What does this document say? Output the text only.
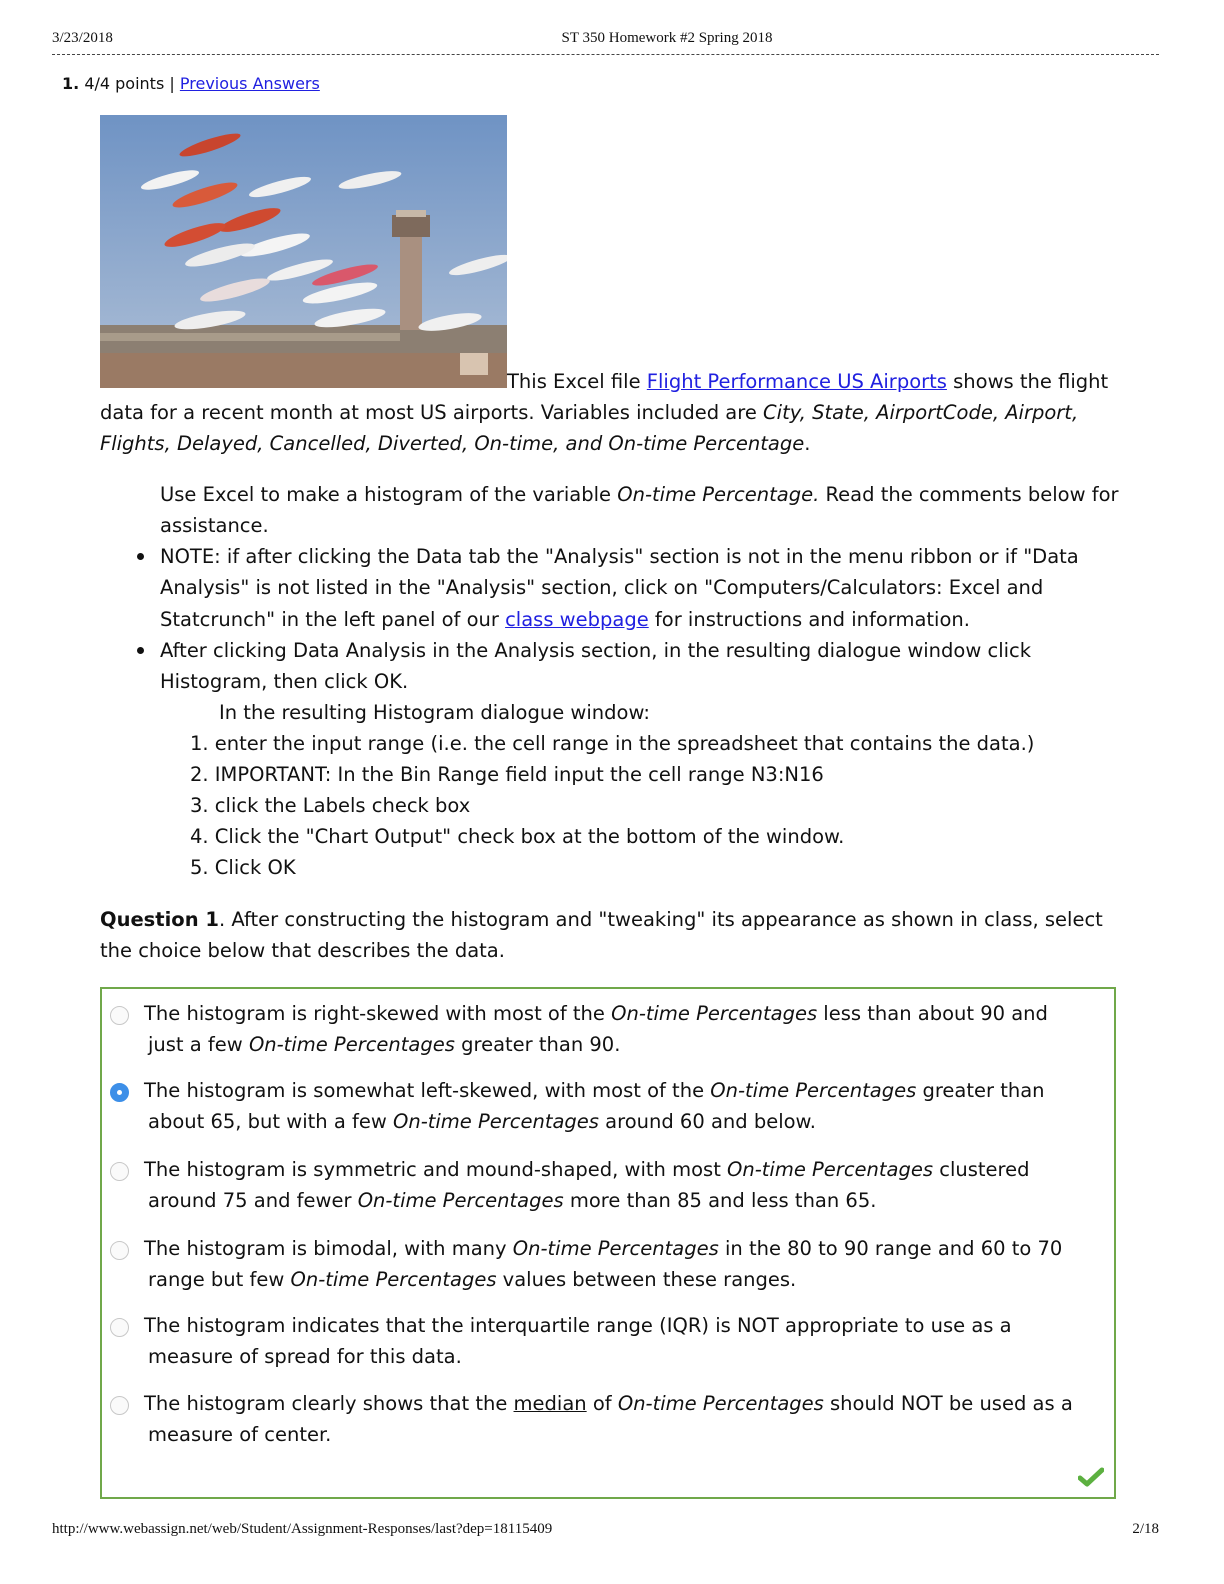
3/23/2018	ST 350 Homework #2 Spring 2018
1. 4/4 points | Previous Answers
This Excel file Flight Performance US Airports shows the flight data for a recent month at most US airports. Variables included are City, State, AirportCode, Airport, Flights, Delayed, Cancelled, Diverted, On-time, and On-time Percentage.
Use Excel to make a histogram of the variable On-time Percentage. Read the comments below for
assistance.
NOTE: if after clicking the Data tab the "Analysis" section is not in the menu ribbon or if "Data
Analysis" is not listed in the "Analysis" section, click on "Computers/Calculators: Excel and
Statcrunch" in the left panel of our class webpage for instructions and information.
After clicking Data Analysis in the Analysis section, in the resulting dialogue window click
Histogram, then click OK.
In the resulting Histogram dialogue window:
1. enter the input range (i.e. the cell range in the spreadsheet that contains the data.)
2. IMPORTANT: In the Bin Range field input the cell range N3:N16
3. click the Labels check box
4. Click the "Chart Output" check box at the bottom of the window.
5. Click OK
Question 1. After constructing the histogram and "tweaking" its appearance as shown in class, select
the choice below that describes the data.
The histogram is right-skewed with most of the On-time Percentages less than about 90 and
just a few On-time Percentages greater than 90.
The histogram is somewhat left-skewed, with most of the On-time Percentages greater than
about 65, but with a few On-time Percentages around 60 and below.
The histogram is symmetric and mound-shaped, with most On-time Percentages clustered
around 75 and fewer On-time Percentages more than 85 and less than 65.
The histogram is bimodal, with many On-time Percentages in the 80 to 90 range and 60 to 70
range but few On-time Percentages values between these ranges.
The histogram indicates that the interquartile range (IQR) is NOT appropriate to use as a
measure of spread for this data.
The histogram clearly shows that the median of On-time Percentages should NOT be used as a
measure of center.
http://www.webassign.net/web/Student/Assignment-Responses/last?dep=18115409	2/18
